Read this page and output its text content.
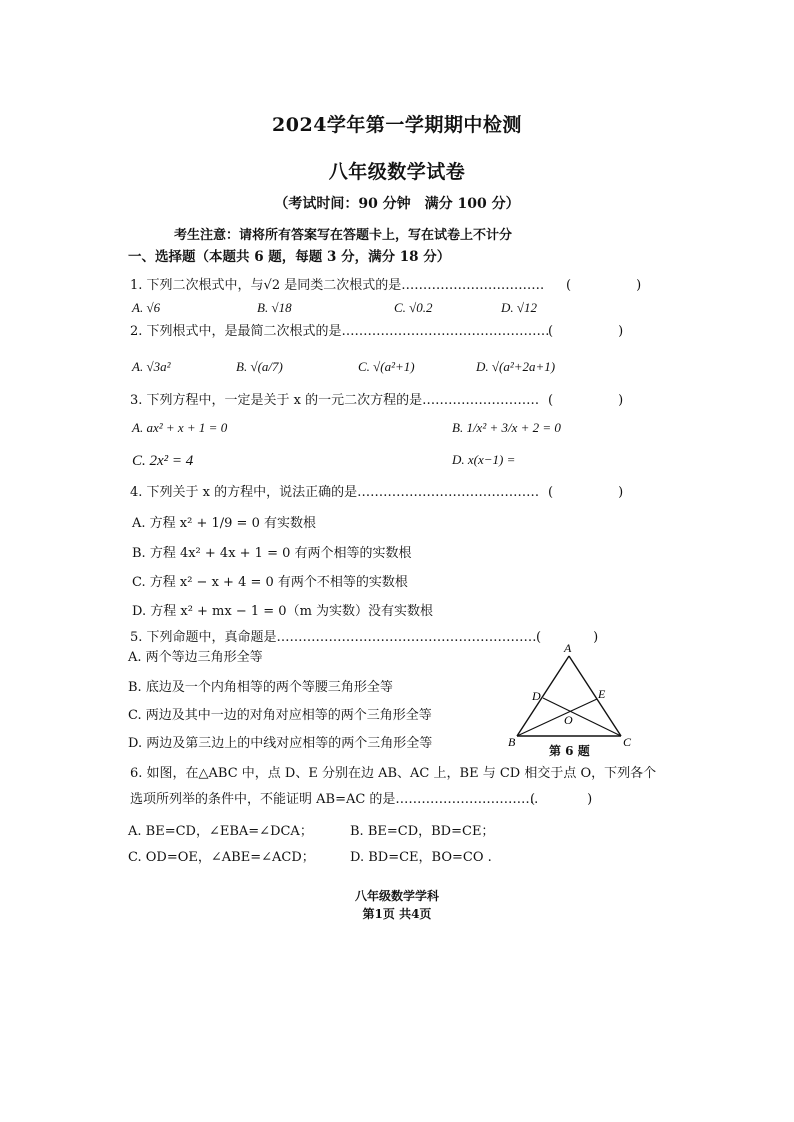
2024学年第一学期期中检测
八年级数学试卷
（考试时间：90 分钟　满分 100 分）
考生注意：请将所有答案写在答题卡上，写在试卷上不计分
一、选择题（本题共 6 题，每题 3 分，满分 18 分）
1. 下列二次根式中，与√2 是同类二次根式的是…………………………… (　　　　　)
A. √6	B. √18	C. √0.2	D. √12
2. 下列根式中，是最简二次根式的是…………………………………………
(　　　　　)
A. √3a²	B. √(a/7)	C. √(a²+1)	D. √(a²+2a+1)
3. 下列方程中，一定是关于 x 的一元二次方程的是……………………… (　　　　　)
A. ax² + x + 1 = 0	B. 1/x² + 3/x + 2 = 0
C. 2x² = 4	D. x(x−1) =
4. 下列关于 x 的方程中，说法正确的是…………………………………… (　　　　　)
A. 方程 x² + 1/9 = 0 有实数根
B. 方程 4x² + 4x + 1 = 0 有两个相等的实数根
C. 方程 x² − x + 4 = 0 有两个不相等的实数根
D. 方程 x² + mx − 1 = 0（m 为实数）没有实数根
5. 下列命题中，真命题是…………………………………………………… (　　　　)
A. 两个等边三角形全等
B. 底边及一个内角相等的两个等腰三角形全等
C. 两边及其中一边的对角对应相等的两个三角形全等
D. 两边及第三边上的中线对应相等的两个三角形全等
A
B	C
D	E
O
第 6 题
6. 如图，在△ABC 中，点 D、E 分别在边 AB、AC 上，BE 与 CD 相交于点 O，下列各个
选项所列举的条件中，不能证明 AB=AC 的是……………………………
(　　　　)
A. BE=CD，∠EBA=∠DCA；	B. BE=CD，BD=CE；
C. OD=OE，∠ABE=∠ACD；	D. BD=CE，BO=CO .
八年级数学学科
第1页 共4页
